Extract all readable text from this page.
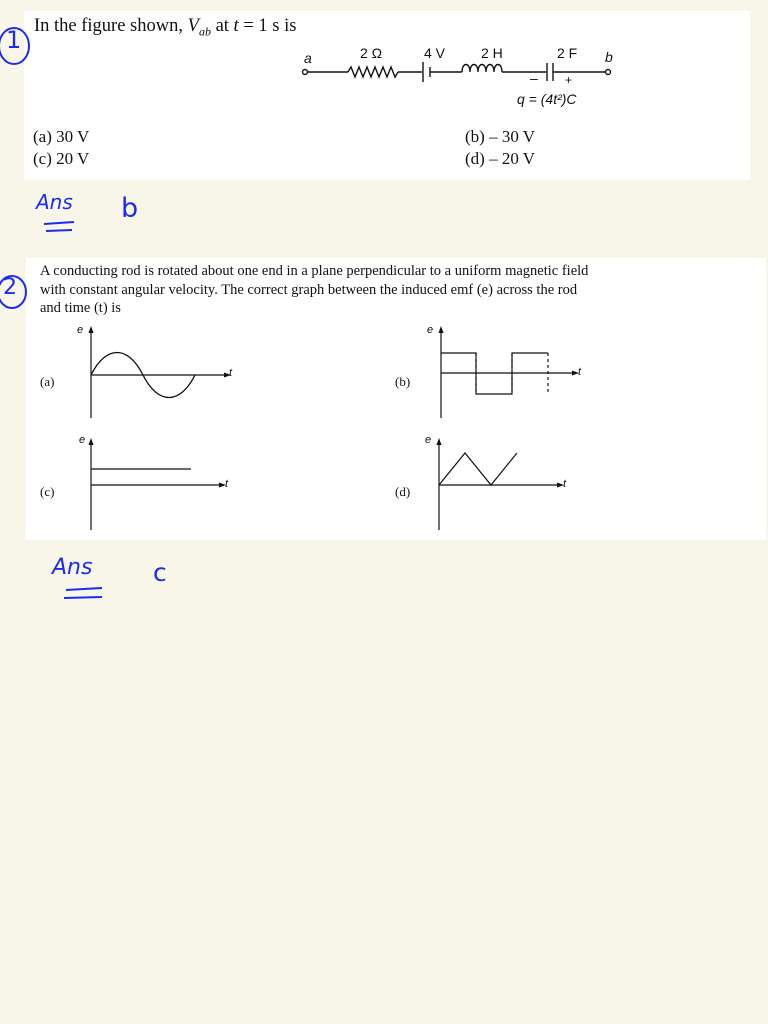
1 In the figure shown, $V_{ab}$ at t = 1 s is
a	2 Ω	4 V	2 H	2 F b
– +
q = (4t²)C
(a) 30 V
(c) 20 V
(b) – 30 V
(d) – 20 V
Ans b
2
A conducting rod is rotated about one end in a plane perpendicular to a uniform magnetic field
with constant angular velocity. The correct graph between the induced emf (e) across the rod
and time (t) is
(a)	(b)
(c)	(d)
e
t
e
t
e
t
e
t
Ans c
